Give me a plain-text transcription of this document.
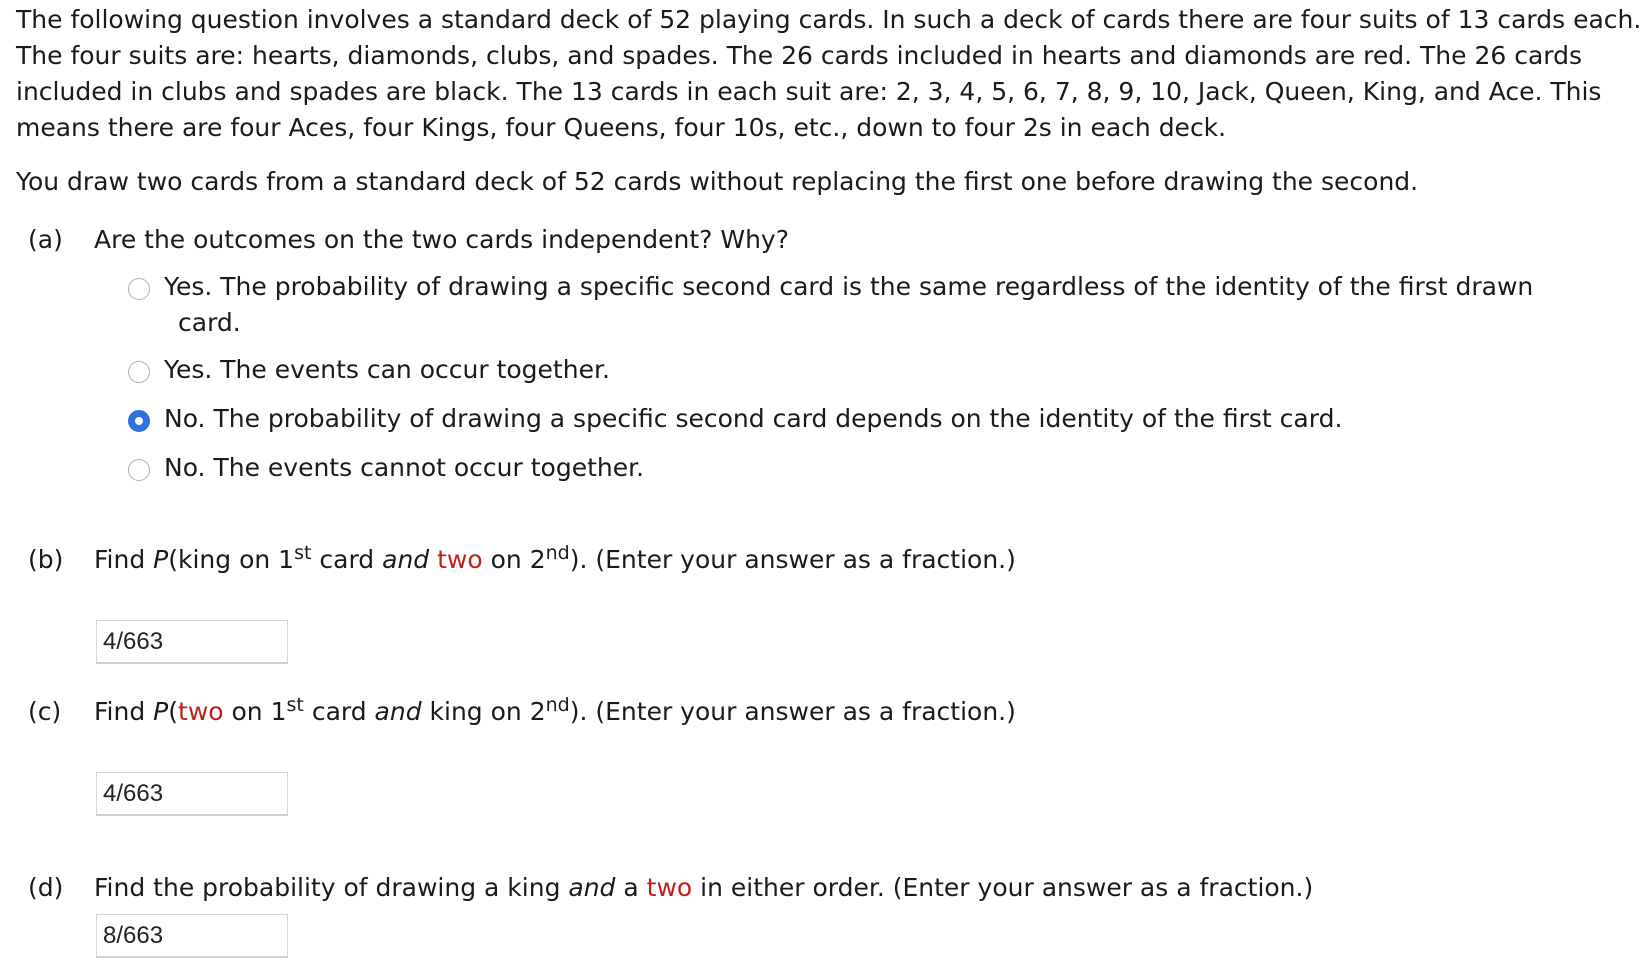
The following question involves a standard deck of 52 playing cards. In such a deck of cards there are four suits of 13 cards each. The four suits are: hearts, diamonds, clubs, and spades. The 26 cards included in hearts and diamonds are red. The 26 cards included in clubs and spades are black. The 13 cards in each suit are: 2, 3, 4, 5, 6, 7, 8, 9, 10, Jack, Queen, King, and Ace. This means there are four Aces, four Kings, four Queens, four 10s, etc., down to four 2s in each deck.

You draw two cards from a standard deck of 52 cards without replacing the first one before drawing the second.

(a) Are the outcomes on the two cards independent? Why?
Yes. The probability of drawing a specific second card is the same regardless of the identity of the first drawn
card.
Yes. The events can occur together.
No. The probability of drawing a specific second card depends on the identity of the first card.
No. The events cannot occur together.
(b) Find P(king on 1st card and two on 2nd). (Enter your answer as a fraction.)
4/663
(c) Find P(two on 1st card and king on 2nd). (Enter your answer as a fraction.)
4/663
(d) Find the probability of drawing a king and a two in either order. (Enter your answer as a fraction.)
8/663
